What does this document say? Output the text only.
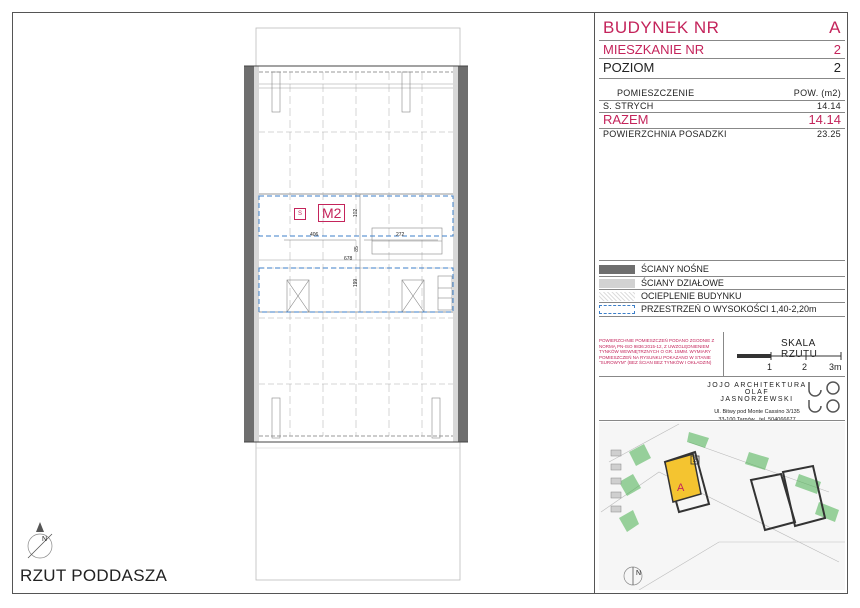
S M2	102
85
199
406	272
678
N
RZUT PODDASZA
BUDYNEK NR	A
MIESZKANIE NR	2
POZIOM	2
POMIESZCZENIE	POW. (m2)
S. STRYCH	14.14
RAZEM	14.14
POWIERZCHNIA POSADZKI	23.25
ŚCIANY NOŚNE
ŚCIANY DZIAŁOWE
OCIEPLENIE BUDYNKU
PRZESTRZEŃ O WYSOKOŚCI 1,40-2,20m
POWIERZCHNIE POMIESZCZEŃ PODANO ZGODNIE Z NORMĄ PN-ISO 9836:2015-12, Z UWZGLĘDNIENIEM TYNKÓW WEWNĘTRZNYCH O GR. 15MM. WYMIARY POMIESZCZEŃ NA RYSUNKU POKAZANO W STANIE "SUROWYM" (BEZ ŚCIAN BEZ TYNKÓW I OKŁADZIN)
SKALA RZUTU
1	2 3m
JOJO ARCHITEKTURA
OLAF JASNORZEWSKI
Ul. Bitwy pod Monte Cassino 3/135

A
2
N
